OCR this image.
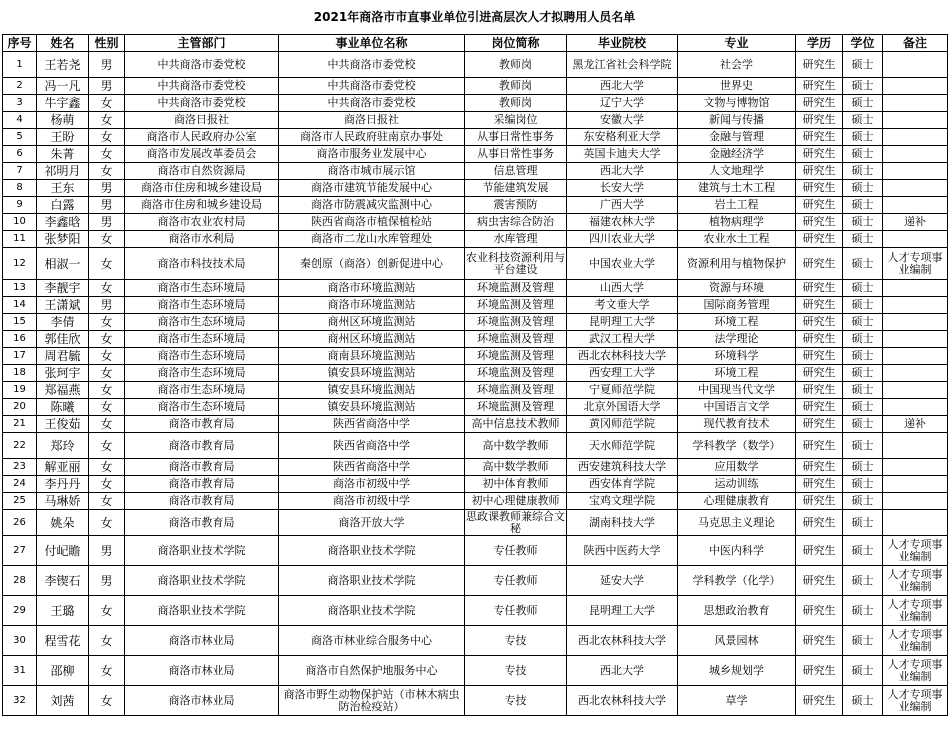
2021年商洛市市直事业单位引进高层次人才拟聘用人员名单
序号	姓名	性别	主管部门	事业单位名称	岗位简称	毕业院校	专业	学历	学位	备注
1	王若尧	男	中共商洛市委党校	中共商洛市委党校	教师岗	黑龙江省社会科学院	社会学	研究生	硕士	
2	冯一凡	男	中共商洛市委党校	中共商洛市委党校	教师岗	西北大学	世界史	研究生	硕士	
3	牛宇鑫	女	中共商洛市委党校	中共商洛市委党校	教师岗	辽宁大学	文物与博物馆	研究生	硕士	
4	杨萌	女	商洛日报社	商洛日报社	采编岗位	安徽大学	新闻与传播	研究生	硕士	
5	王盼	女	商洛市人民政府办公室	商洛市人民政府驻南京办事处	从事日常性事务	东安格利亚大学	金融与管理	研究生	硕士	
6	朱菁	女	商洛市发展改革委员会	商洛市服务业发展中心	从事日常性事务	英国卡迪夫大学	金融经济学	研究生	硕士	
7	祁明月	女	商洛市自然资源局	商洛市城市展示馆	信息管理	西北大学	人文地理学	研究生	硕士	
8	王东	男	商洛市住房和城乡建设局	商洛市建筑节能发展中心	节能建筑发展	长安大学	建筑与土木工程	研究生	硕士	
9	白露	男	商洛市住房和城乡建设局	商洛市防震减灾监测中心	震害预防	广西大学	岩土工程	研究生	硕士	
10	李鑫晗	男	商洛市农业农村局	陕西省商洛市植保植检站	病虫害综合防治	福建农林大学	植物病理学	研究生	硕士	递补
11	张梦阳	女	商洛市水利局	商洛市二龙山水库管理处	水库管理	四川农业大学	农业水土工程	研究生	硕士	
12	相淑一	女	商洛市科技技术局	秦创原（商洛）创新促进中心	农业科技资源利用与平台建设	中国农业大学	资源利用与植物保护	研究生	硕士	人才专项事业编制
13	李靓宇	女	商洛市生态环境局	商洛市环境监测站	环境监测及管理	山西大学	资源与环境	研究生	硕士	
14	王潇斌	男	商洛市生态环境局	商洛市环境监测站	环境监测及管理	考文垂大学	国际商务管理	研究生	硕士	
15	李倩	女	商洛市生态环境局	商州区环境监测站	环境监测及管理	昆明理工大学	环境工程	研究生	硕士	
16	郭佳欣	女	商洛市生态环境局	商州区环境监测站	环境监测及管理	武汉工程大学	法学理论	研究生	硕士	
17	周君毓	女	商洛市生态环境局	商南县环境监测站	环境监测及管理	西北农林科技大学	环境科学	研究生	硕士	
18	张珂宇	女	商洛市生态环境局	镇安县环境监测站	环境监测及管理	西安理工大学	环境工程	研究生	硕士	
19	郑福燕	女	商洛市生态环境局	镇安县环境监测站	环境监测及管理	宁夏师范学院	中国现当代文学	研究生	硕士	
20	陈曦	女	商洛市生态环境局	镇安县环境监测站	环境监测及管理	北京外国语大学	中国语言文学	研究生	硕士	
21	王俊茹	女	商洛市教育局	陕西省商洛中学	高中信息技术教师	黄冈师范学院	现代教育技术	研究生	硕士	递补
22	郑玲	女	商洛市教育局	陕西省商洛中学	高中数学教师	天水师范学院	学科教学（数学）	研究生	硕士	
23	解亚丽	女	商洛市教育局	陕西省商洛中学	高中数学教师	西安建筑科技大学	应用数学	研究生	硕士	
24	李丹丹	女	商洛市教育局	商洛市初级中学	初中体育教师	西安体育学院	运动训练	研究生	硕士	
25	马琳娇	女	商洛市教育局	商洛市初级中学	初中心理健康教师	宝鸡文理学院	心理健康教育	研究生	硕士	
26	姚朵	女	商洛市教育局	商洛开放大学	思政课教师兼综合文秘	湖南科技大学	马克思主义理论	研究生	硕士	
27	付屺瞻	男	商洛职业技术学院	商洛职业技术学院	专任教师	陕西中医药大学	中医内科学	研究生	硕士	人才专项事业编制
28	李锲石	男	商洛职业技术学院	商洛职业技术学院	专任教师	延安大学	学科教学（化学）	研究生	硕士	人才专项事业编制
29	王璐	女	商洛职业技术学院	商洛职业技术学院	专任教师	昆明理工大学	思想政治教育	研究生	硕士	人才专项事业编制
30	程雪花	女	商洛市林业局	商洛市林业综合服务中心	专技	西北农林科技大学	风景园林	研究生	硕士	人才专项事业编制
31	邵柳	女	商洛市林业局	商洛市自然保护地服务中心	专技	西北大学	城乡规划学	研究生	硕士	人才专项事业编制
32	刘茜	女	商洛市林业局	商洛市野生动物保护站（市林木病虫防治检疫站）	专技	西北农林科技大学	草学	研究生	硕士	人才专项事业编制
